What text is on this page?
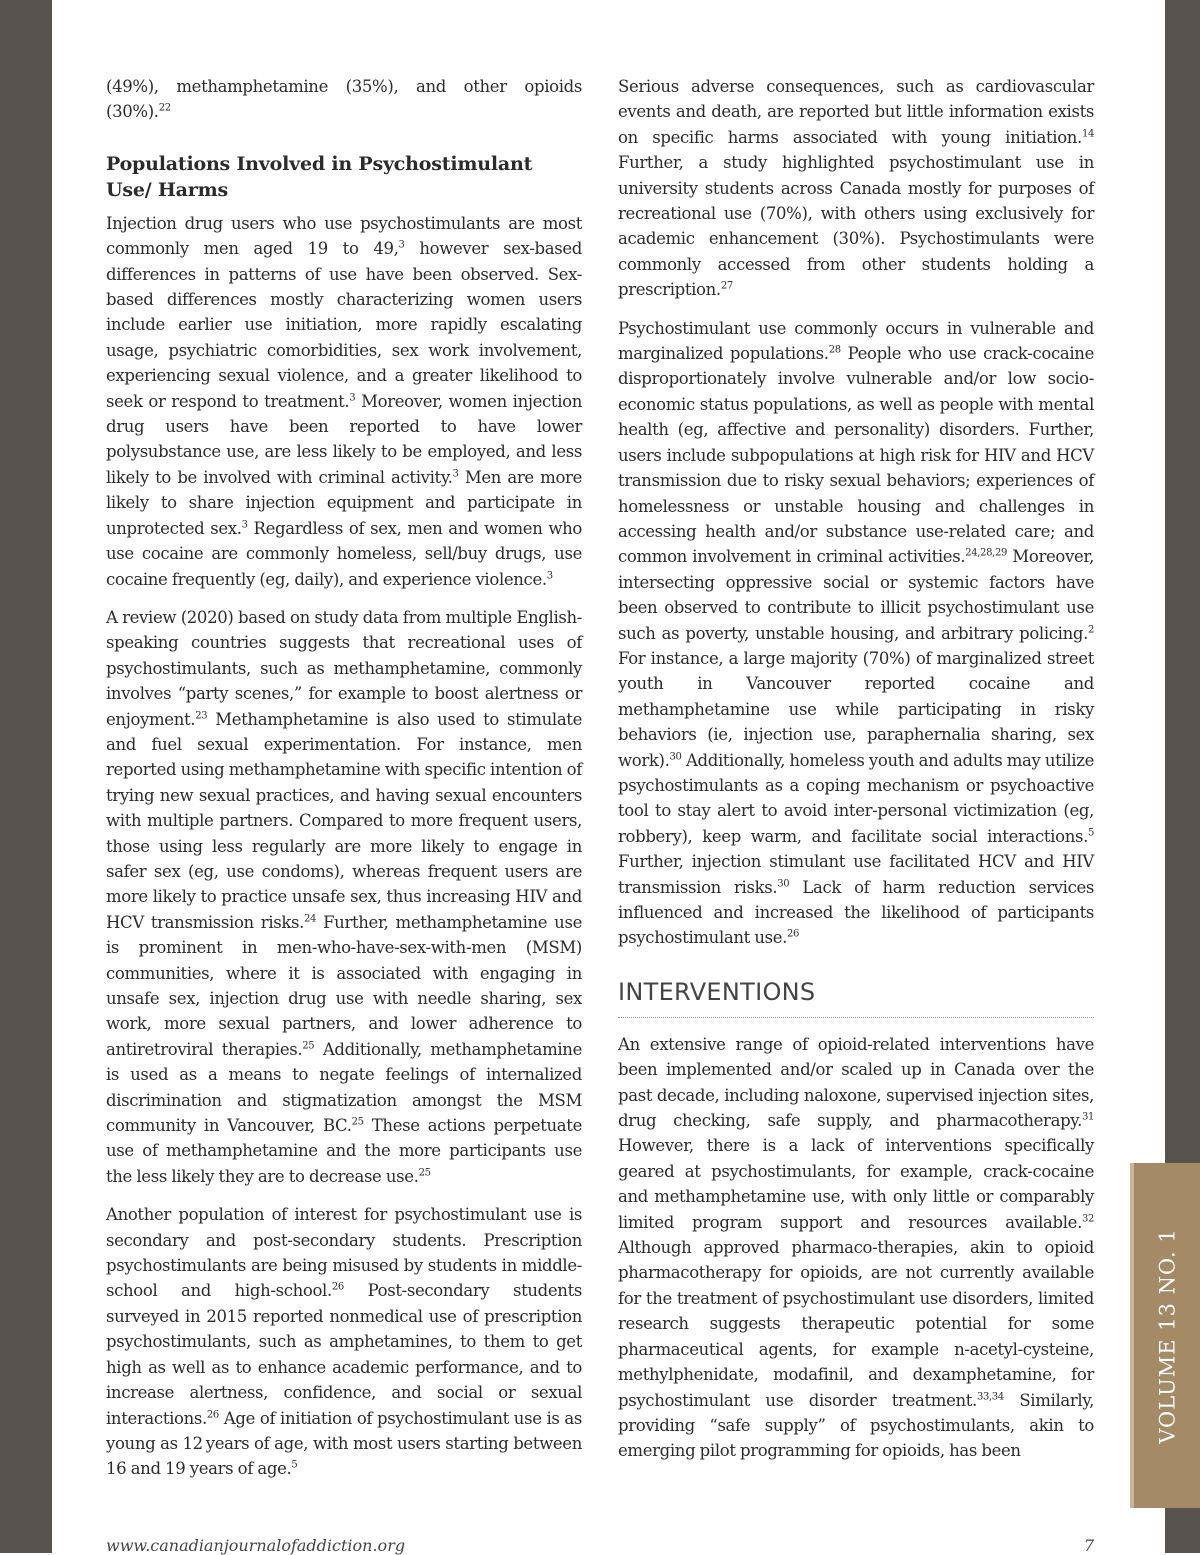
VOLUME 13 NO. 1

(49%), methamphetamine (35%), and other opioids (30%).$^{22}$

Populations Involved in Psychostimulant Use/ Harms

Injection drug users who use psychostimulants are most commonly men aged 19 to 49,$^3$ however sex-based differences in patterns of use have been observed. Sex-based differences mostly characterizing women users include earlier use initiation, more rapidly escalating usage, psychiatric comorbidities, sex work involvement, experiencing sexual violence, and a greater likelihood to seek or respond to treatment.$^3$ Moreover, women injection drug users have been reported to have lower polysubstance use, are less likely to be employed, and less likely to be involved with criminal activity.$^3$ Men are more likely to share injection equipment and participate in unprotected sex.$^3$ Regardless of sex, men and women who use cocaine are commonly homeless, sell/buy drugs, use cocaine frequently (eg, daily), and experience violence.$^3$

A review (2020) based on study data from multiple English-speaking countries suggests that recreational uses of psychostimulants, such as methamphetamine, commonly involves “party scenes,” for example to boost alertness or enjoyment.$^{23}$ Methamphetamine is also used to stimulate and fuel sexual experimentation. For instance, men reported using methamphetamine with specific intention of trying new sexual practices, and having sexual encounters with multiple partners. Compared to more frequent users, those using less regularly are more likely to engage in safer sex (eg, use condoms), whereas frequent users are more likely to practice unsafe sex, thus increasing HIV and HCV transmission risks.$^{24}$ Further, methamphetamine use is prominent in men-who-have-sex-with-men (MSM) communities, where it is associated with engaging in unsafe sex, injection drug use with needle sharing, sex work, more sexual partners, and lower adherence to antiretroviral therapies.$^{25}$ Additionally, methamphetamine is used as a means to negate feelings of internalized discrimination and stigmatization amongst the MSM community in Vancouver, BC.$^{25}$ These actions perpetuate use of methamphetamine and the more participants use the less likely they are to decrease use.$^{25}$

Another population of interest for psychostimulant use is secondary and post-secondary students. Prescription psychostimulants are being misused by students in middle-school and high-school.$^{26}$ Post-secondary students surveyed in 2015 reported nonmedical use of prescription psychostimulants, such as amphetamines, to them to get high as well as to enhance academic performance, and to increase alertness, confidence, and social or sexual interactions.$^{26}$ Age of initiation of psychostimulant use is as young as 12 years of age, with most users starting between 16 and 19 years of age.$^5$

Serious adverse consequences, such as cardiovascular events and death, are reported but little information exists on specific harms associated with young initiation.$^{14}$ Further, a study highlighted psychostimulant use in university students across Canada mostly for purposes of recreational use (70%), with others using exclusively for academic enhancement (30%). Psychostimulants were commonly accessed from other students holding a prescription.$^{27}$

Psychostimulant use commonly occurs in vulnerable and marginalized populations.$^{28}$ People who use crack-cocaine disproportionately involve vulnerable and/or low socio-economic status populations, as well as people with mental health (eg, affective and personality) disorders. Further, users include subpopulations at high risk for HIV and HCV transmission due to risky sexual behaviors; experiences of homelessness or unstable housing and challenges in accessing health and/or substance use-related care; and common involvement in criminal activities.$^{24,28,29}$ Moreover, intersecting oppressive social or systemic factors have been observed to contribute to illicit psychostimulant use such as poverty, unstable housing, and arbitrary policing.$^2$ For instance, a large majority (70%) of marginalized street youth in Vancouver reported cocaine and methamphetamine use while participating in risky behaviors (ie, injection use, paraphernalia sharing, sex work).$^{30}$ Additionally, homeless youth and adults may utilize psychostimulants as a coping mechanism or psychoactive tool to stay alert to avoid inter-personal victimization (eg, robbery), keep warm, and facilitate social interactions.$^5$ Further, injection stimulant use facilitated HCV and HIV transmission risks.$^{30}$ Lack of harm reduction services influenced and increased the likelihood of participants psychostimulant use.$^{26}$

INTERVENTIONS

An extensive range of opioid-related interventions have been implemented and/or scaled up in Canada over the past decade, including naloxone, supervised injection sites, drug checking, safe supply, and pharmacotherapy.$^{31}$ However, there is a lack of interventions specifically geared at psychostimulants, for example, crack-cocaine and methamphetamine use, with only little or comparably limited program support and resources available.$^{32}$ Although approved pharmaco-therapies, akin to opioid pharmacotherapy for opioids, are not currently available for the treatment of psychostimulant use disorders, limited research suggests therapeutic potential for some pharmaceutical agents, for example n-acetyl-cysteine, methylphenidate, modafinil, and dexamphetamine, for psychostimulant use disorder treatment.$^{33,34}$ Similarly, providing “safe supply” of psychostimulants, akin to emerging pilot programming for opioids, has been

www.canadianjournalofaddiction.org	7
